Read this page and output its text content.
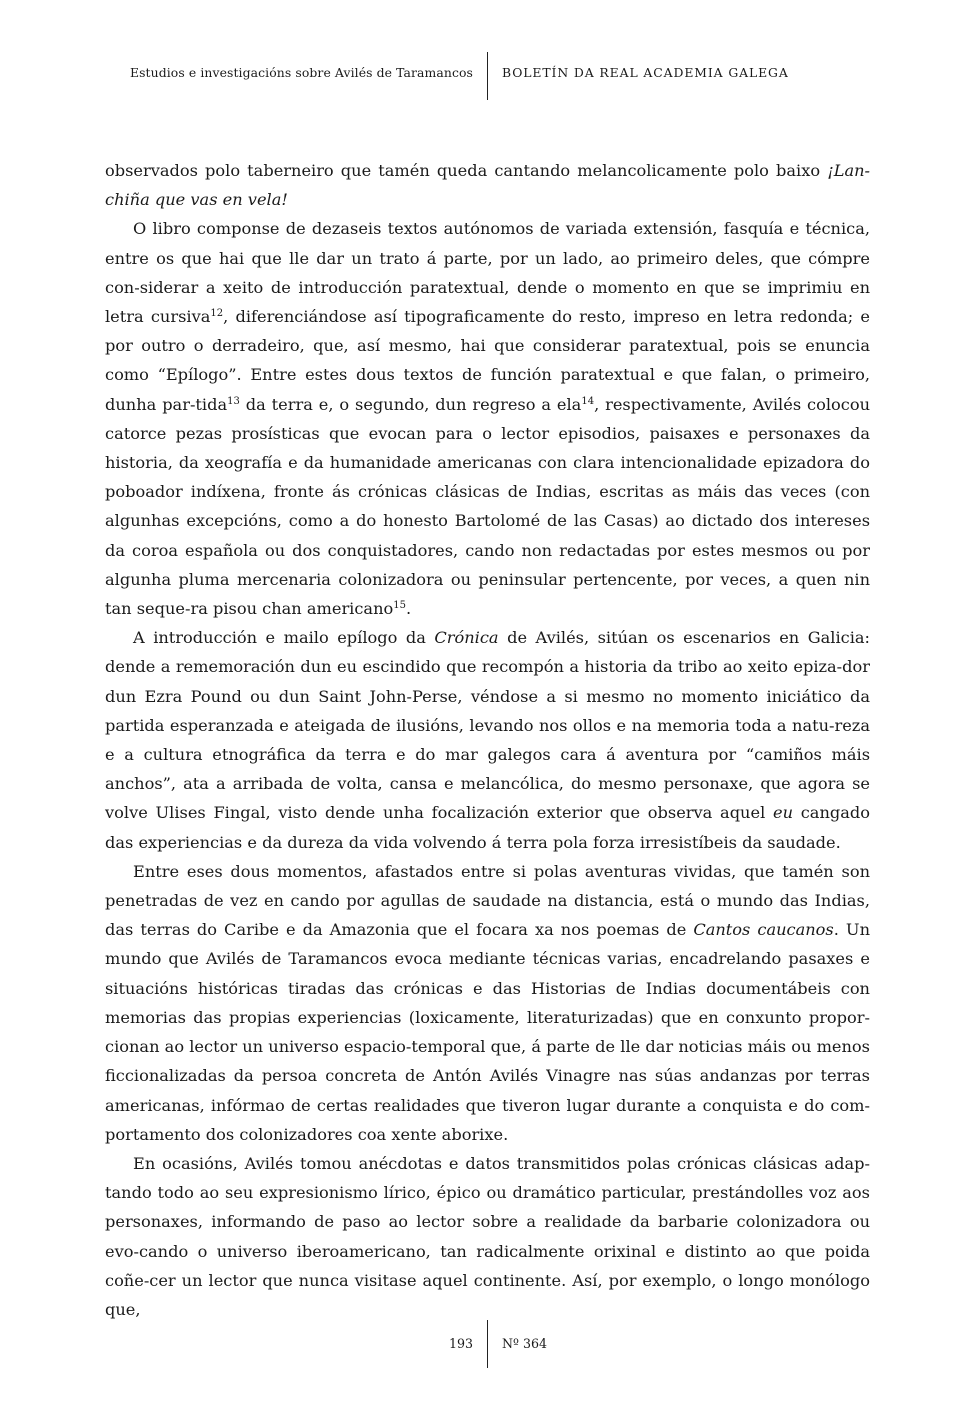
Estudios e investigacións sobre Avilés de Taramancos BOLETÍN DA REAL ACADEMIA GALEGA

observados polo taberneiro que tamén queda cantando melancolicamente polo baixo ¡Lan-chiña que vas en vela!

O libro componse de dezaseis textos autónomos de variada extensión, fasquía e técnica, entre os que hai que lle dar un trato á parte, por un lado, ao primeiro deles, que cómpre con-siderar a xeito de introducción paratextual, dende o momento en que se imprimiu en letra cursiva$^{12}$, diferenciándose así tipograficamente do resto, impreso en letra redonda; e por outro o derradeiro, que, así mesmo, hai que considerar paratextual, pois se enuncia como “Epílogo”. Entre estes dous textos de función paratextual e que falan, o primeiro, dunha par-tida$^{13}$ da terra e, o segundo, dun regreso a ela$^{14}$, respectivamente, Avilés colocou catorce pezas prosísticas que evocan para o lector episodios, paisaxes e personaxes da historia, da xeografía e da humanidade americanas con clara intencionalidade epizadora do poboador indíxena, fronte ás crónicas clásicas de Indias, escritas as máis das veces (con algunhas excepcións, como a do honesto Bartolomé de las Casas) ao dictado dos intereses da coroa española ou dos conquistadores, cando non redactadas por estes mesmos ou por algunha pluma mercenaria colonizadora ou peninsular pertencente, por veces, a quen nin tan seque-ra pisou chan americano$^{15}$.

A introducción e mailo epílogo da Crónica de Avilés, sitúan os escenarios en Galicia: dende a rememoración dun eu escindido que recompón a historia da tribo ao xeito epiza-dor dun Ezra Pound ou dun Saint John-Perse, véndose a si mesmo no momento iniciático da partida esperanzada e ateigada de ilusións, levando nos ollos e na memoria toda a natu-reza e a cultura etnográfica da terra e do mar galegos cara á aventura por “camiños máis anchos”, ata a arribada de volta, cansa e melancólica, do mesmo personaxe, que agora se volve Ulises Fingal, visto dende unha focalización exterior que observa aquel eu cangado das experiencias e da dureza da vida volvendo á terra pola forza irresistíbeis da saudade.

Entre eses dous momentos, afastados entre si polas aventuras vividas, que tamén son penetradas de vez en cando por agullas de saudade na distancia, está o mundo das Indias, das terras do Caribe e da Amazonia que el focara xa nos poemas de Cantos caucanos. Un mundo que Avilés de Taramancos evoca mediante técnicas varias, encadrelando pasaxes e situacións históricas tiradas das crónicas e das Historias de Indias documentábeis con memorias das propias experiencias (loxicamente, literaturizadas) que en conxunto propor-cionan ao lector un universo espacio-temporal que, á parte de lle dar noticias máis ou menos ficcionalizadas da persoa concreta de Antón Avilés Vinagre nas súas andanzas por terras americanas, infórmao de certas realidades que tiveron lugar durante a conquista e do com-portamento dos colonizadores coa xente aborixe.

En ocasións, Avilés tomou anécdotas e datos transmitidos polas crónicas clásicas adap-tando todo ao seu expresionismo lírico, épico ou dramático particular, prestándolles voz aos personaxes, informando de paso ao lector sobre a realidade da barbarie colonizadora ou evo-cando o universo iberoamericano, tan radicalmente orixinal e distinto ao que poida coñe-cer un lector que nunca visitase aquel continente. Así, por exemplo, o longo monólogo que,

193 Nº 364
